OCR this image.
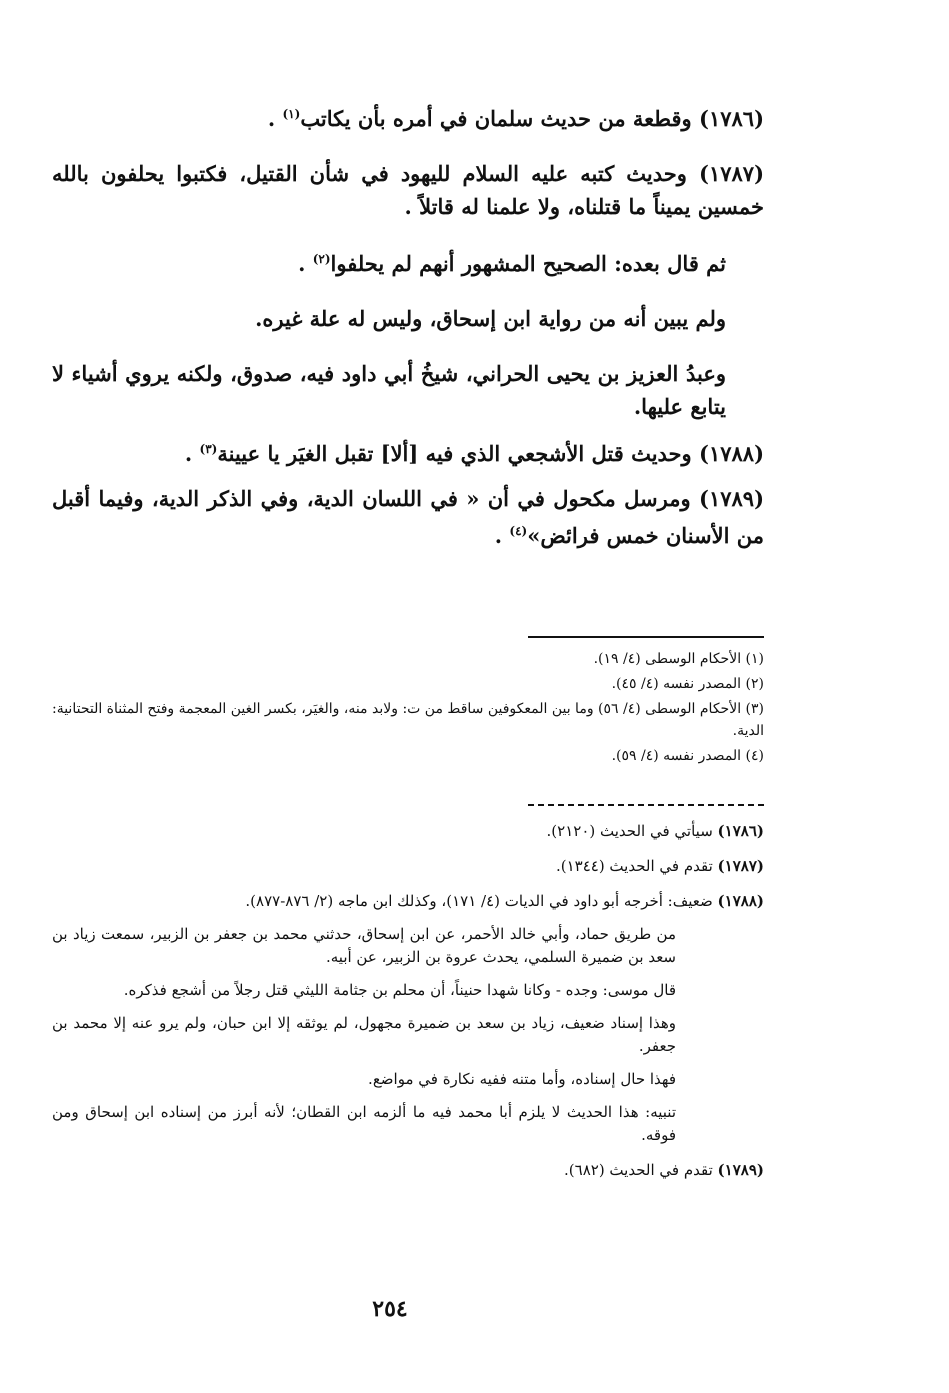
(١٧٨٦) وقطعة من حديث سلمان في أمره بأن يكاتب$^{(١)}$ .

(١٧٨٧) وحديث كتبه عليه السلام لليهود في شأن القتيل، فكتبوا يحلفون بالله خمسين يميناً ما قتلناه، ولا علمنا له قاتلاً .

ثم قال بعده: الصحيح المشهور أنهم لم يحلفوا$^{(٢)}$ .

ولم يبين أنه من رواية ابن إسحاق، وليس له علة غيره.

وعبدُ العزيز بن يحيى الحراني، شيخُ أبي داود فيه، صدوق، ولكنه يروي أشياء لا يتابع عليها.

(١٧٨٨) وحديث قتل الأشجعي الذي فيه [ألا] تقبل الغيَر يا عيينة$^{(٣)}$ .

(١٧٨٩) ومرسل مكحول في أن « في اللسان الدية، وفي الذكر الدية، وفيما أقبل من الأسنان خمس فرائض»$^{(٤)}$ .

(١) الأحكام الوسطى (٤/ ١٩).

(٢) المصدر نفسه (٤/ ٤٥).

(٣) الأحكام الوسطى (٤/ ٥٦) وما بين المعكوفين ساقط من ت: ولابد منه، والغيَر، بكسر الغين المعجمة وفتح المثناة التحتانية: الدية.

(٤) المصدر نفسه (٤/ ٥٩).

(١٧٨٦) سيأتي في الحديث (٢١٢٠).

(١٧٨٧) تقدم في الحديث (١٣٤٤).

(١٧٨٨) ضعيف: أخرجه أبو داود في الديات (٤/ ١٧١)، وكذلك ابن ماجه (٢/ ٨٧٦-٨٧٧).

من طريق حماد، وأبي خالد الأحمر، عن ابن إسحاق، حدثني محمد بن جعفر بن الزبير، سمعت زياد بن سعد بن ضميرة السلمي، يحدث عروة بن الزبير، عن أبيه.

قال موسى: وجده - وكانا شهدا حنيناً، أن محلم بن جثامة الليثي قتل رجلاً من أشجع فذكره.

وهذا إسناد ضعيف، زياد بن سعد بن ضميرة مجهول، لم يوثقه إلا ابن حبان، ولم يرو عنه إلا محمد بن جعفر.

فهذا حال إسناده، وأما متنه ففيه نكارة في مواضع.

تنبيه: هذا الحديث لا يلزم أبا محمد فيه ما ألزمه ابن القطان؛ لأنه أبرز من إسناده ابن إسحاق ومن فوقه.

(١٧٨٩) تقدم في الحديث (٦٨٢).

٢٥٤
